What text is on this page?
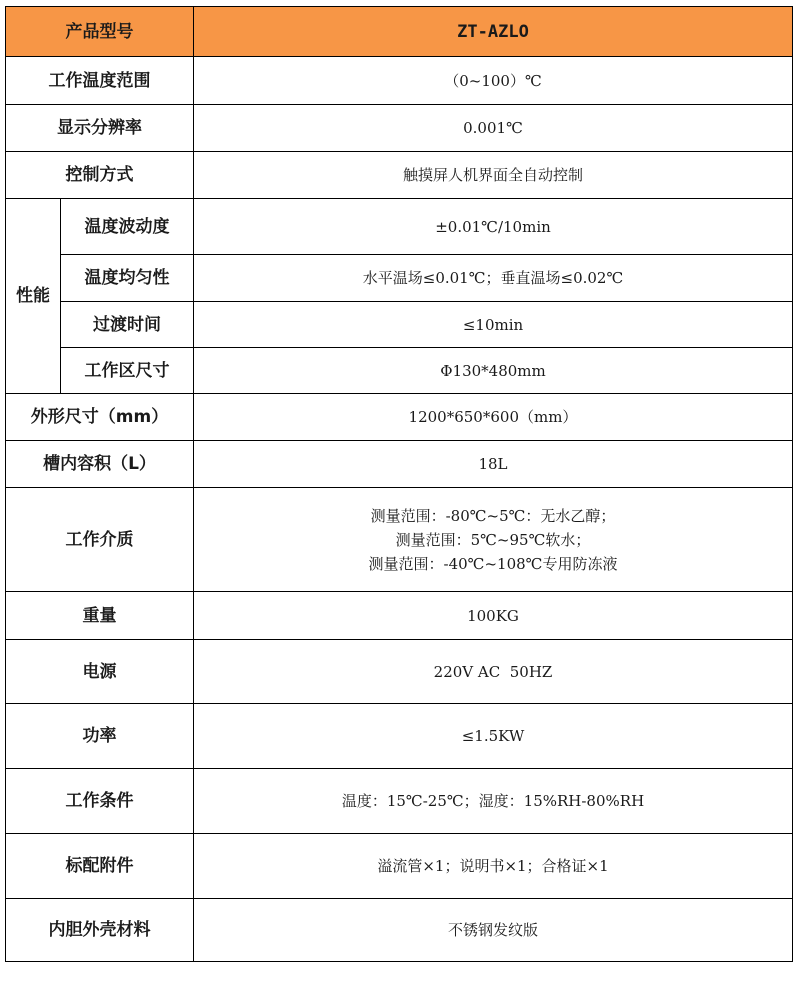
产品型号		ZT-AZLO
工作温度范围		（0~100）℃
显示分辨率		0.001℃
控制方式		触摸屏人机界面全自动控制
性能	温度波动度	±0.01℃/10min
	温度均匀性	水平温场≤0.01℃；垂直温场≤0.02℃
	过渡时间	≤10min
	工作区尺寸	Φ130*480mm
外形尺寸（mm）		1200*650*600（mm）
槽内容积（L）		18L
工作介质		测量范围：-80℃~5℃：无水乙醇；
测量范围：5℃~95℃软水；
测量范围：-40℃~108℃专用防冻液

重量		100KG
电源		220V AC  50HZ
功率		≤1.5KW
工作条件		温度：15℃-25℃；湿度：15%RH-80%RH
标配附件		溢流管×1；说明书×1；合格证×1
内胆外壳材料		不锈钢发纹版
